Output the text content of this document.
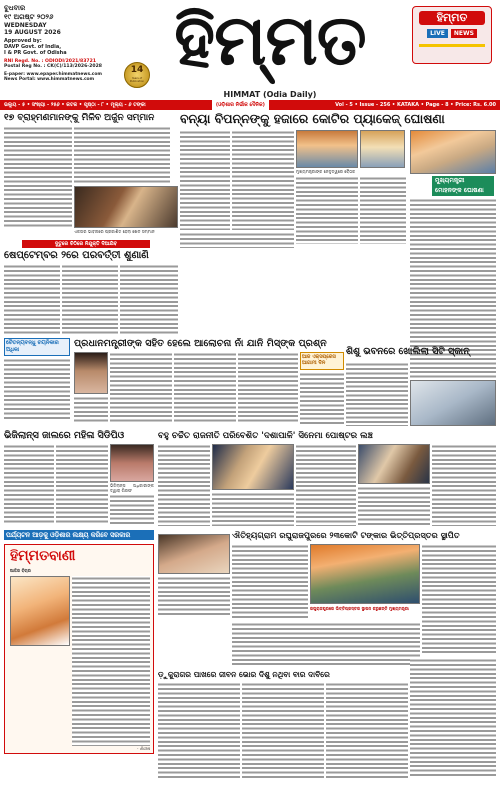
ବୁଧବାର
୧୯ ଅଗଷ୍ଟ ୨୦୨୬
WEDNESDAY
19 AUGUST 2026
Approved by:
DAVP Govt. of India,
I & PR Govt. of Odisha
RNI Regd. No. : ODIODI/2021/83721
Postal Reg No. : CK(C)/113/2026-2028
E-paper: www.epaper.himmatnews.com
News Portal: www.himmatnews.com
14
Years of Publication
ହିମ୍ମତ	ହିମ୍ମତ
LIVE	NEWS
ଭଲ୍ୟୁ - ୫ • ସଂଖ୍ୟା - ୨୫୬ • କଟକ • ପୃଷ୍ଠା - ୮ • ମୂଲ୍ୟ - ୬ ଟଙ୍କା	(ଓଡ଼ିଶାର ନିର୍ଭୀକ ଦୈନିକ)	Vol - 5 • Issue - 256 • KATAKA • Page - 8 • Price: Rs. 6.00
HIMMAT (Odia Daily)
୧୭ ବ୍ରାହ୍ମଣମାନଙ୍କୁ ମିଳିବ ଅର୍ଜୁନ ସମ୍ମାନ
ଏକତାର ଭାବନାରେ ପ୍ରକାଶିତ ହେଲା ଖେଳ ସମ୍ମାନ
ବନ୍ୟା ବିପନ୍ନଙ୍କୁ ହଜାରେ କୋଟିର ପ୍ୟାକେଜ୍ ଘୋଷଣା
ମୁଖ୍ୟମନ୍ତ୍ରୀଙ୍କ ନେତୃତ୍ୱରେ ବୈଠକ
ମୁଖ୍ୟମନ୍ତ୍ରୀ ମୋହନଙ୍କ ଘୋଷଣା
ଦୁତୁରେ ଚିଠିରେ ନିଯୁକ୍ତି ଦିଆଯିବ
ଷେପ୍ଟେମ୍ବର ୨ରେ ପରବର୍ତ୍ତୀ ଶୁଣାଣି
ଚୈତନ୍ୟବନ୍ଧୁ ଚୟନିକାର ଅଧିକା
ପ୍ରଧାନମନ୍ତ୍ରୀଙ୍କ ସହିତ ହେଲେ ଆଲୋଚନା ନାଁ ଯାନି ମିସ୍ଙ୍କ ପ୍ରଶ୍ନ
ଆଜ ଏକ୍ସପ୍ରେସ ଆଗାମୀ ଦିନ
ଶିଶୁ ଭବନରେ ଖୋଲିଲା ସିଟି ସ୍କାନ୍
ଭିଜିଲାନ୍ସ ଜାଲରେ ମହିଳା ସିଡିପିଓ
ଭିଜିଲାନ୍ସ ଅଧିକାରୀଙ୍କ ଦ୍ୱାରା ଗିରଫ
ବହୁ ଚର୍ଚ୍ଚିତ ରାଜନୀତି ପରିବେଶିତ 'ଦଶାପାଳି' ସିନେମା ପୋଷ୍ଟର ଲଞ୍ଚ
ଐତିହ୍ୟଗ୍ରାମ ରଘୁରାଜପୁରରେ ୨୩କୋଟି ଟଙ୍କାର ଭିତ୍ତିପ୍ରସ୍ତର ସ୍ଥାପିତ
ରଘୁରାଜପୁରରେ ଭିତ୍ତିପ୍ରସ୍ତର ସ୍ଥାପନ କରୁଛନ୍ତି ମୁଖ୍ୟମନ୍ତ୍ରୀ
ପର୍ଯ୍ୟଟନ ଆଡ଼କୁ ଓଡ଼ିଶାର ଲକ୍ଷ୍ୟ କରିବେ ସରକାର
ହିମ୍ମତବାଣୀ
ଆଜିର ବିଚାର
- ଶିରୀଷ
ଡ଼ୁକୁରାଗର ପାଖରେ ଜୀବନ ଭୋର ଦିଶୁ ନଥିବା ବାର ଦାବିରେ
